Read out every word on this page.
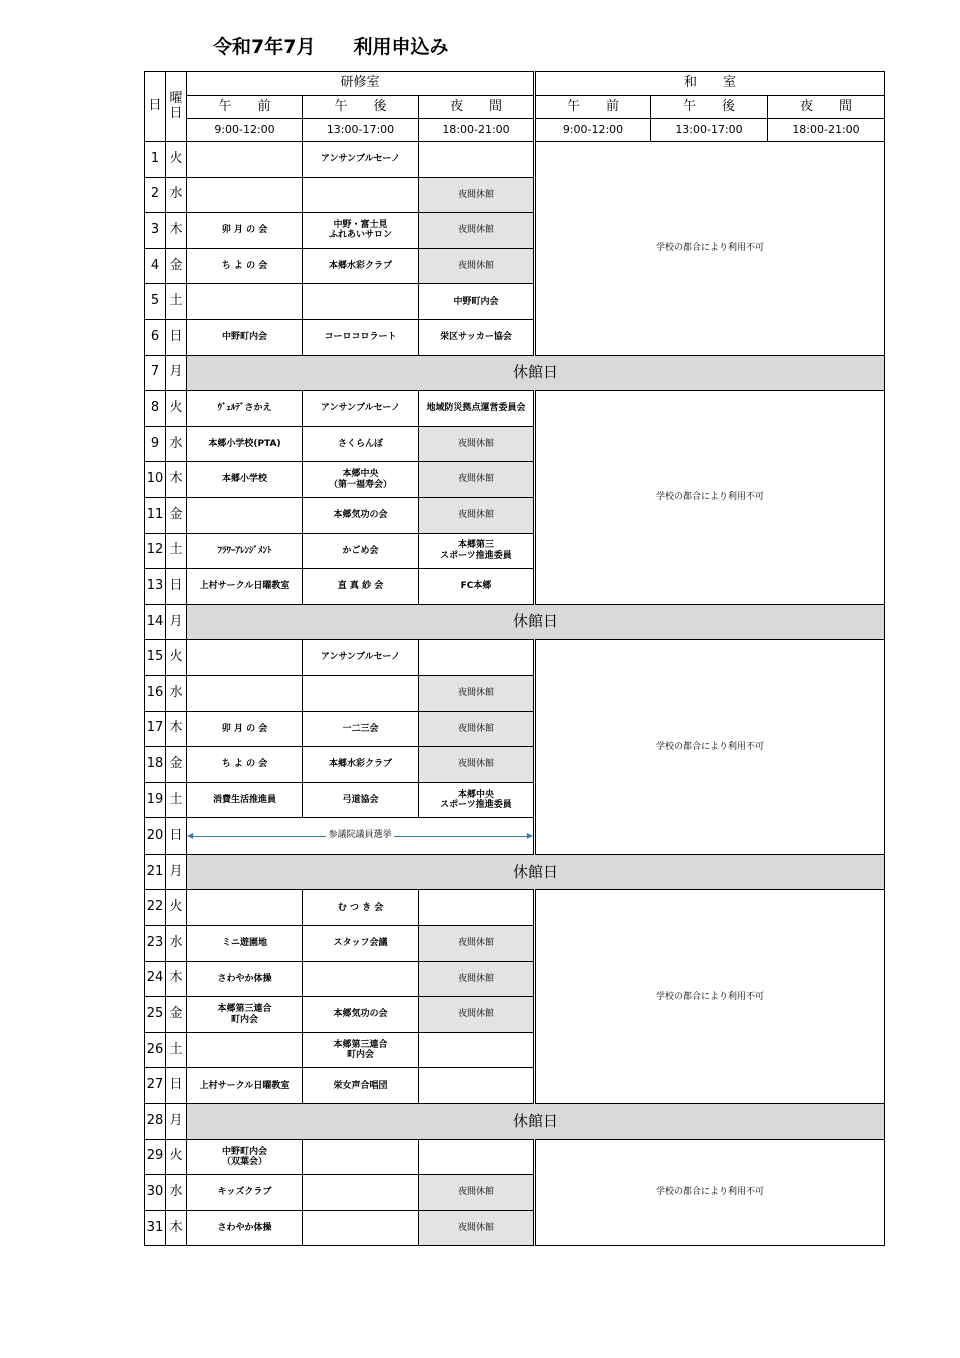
令和7年7月　　利用申込み
日	曜
日	研修室			和　　室		
		午　　前	午　　後	夜　　間	午　　前	午　　後	夜　　間
		9:00-12:00	13:00-17:00	18:00-21:00	9:00-12:00	13:00-17:00	18:00-21:00
1	火		アンサンブルセーノ		学校の都合により利用不可		
2	水			夜間休館			
3	木	卯 月 の 会	中野・富士見
ふれあいサロン	夜間休館			
4	金	ち よ の 会	本郷水彩クラブ	夜間休館			
5	土			中野町内会			
6	日	中野町内会	コーロコロラート	栄区サッカー協会			
7	月	休館日					
8	火	ｳﾞｪﾙﾃﾞさかえ	アンサンブルセーノ	地域防災拠点運営委員会	学校の都合により利用不可		
9	水	本郷小学校(PTA)	さくらんぼ	夜間休館			
10	木	本郷小学校	本郷中央
（第一福寿会）	夜間休館			
11	金		本郷気功の会	夜間休館			
12	土	ﾌﾗﾜｰｱﾚﾝｼﾞﾒﾝﾄ	かごめ会	本郷第三
スポーツ推進委員			
13	日	上村サークル日曜教室	直 真 紗 会	FC本郷			
14	月	休館日					
15	火		アンサンブルセーノ		学校の都合により利用不可		
16	水			夜間休館			
17	木	卯 月 の 会	一二三会	夜間休館			
18	金	ち よ の 会	本郷水彩クラブ	夜間休館			
19	土	消費生活推進員	弓道協会	本郷中央
スポーツ推進委員			
20	日	◀ ▶
参議院議員選挙					

21	月	休館日					
22	火		む つ き 会		学校の都合により利用不可		
23	水	ミニ遊園地	スタッフ会議	夜間休館			
24	木	さわやか体操		夜間休館			
25	金	本郷第三連合
町内会	本郷気功の会	夜間休館			
26	土		本郷第三連合
町内会				
27	日	上村サークル日曜教室	栄女声合唱団				
28	月	休館日					
29	火	中野町内会
（双葉会）			学校の都合により利用不可		
30	水	キッズクラブ		夜間休館			
31	木	さわやか体操		夜間休館			
